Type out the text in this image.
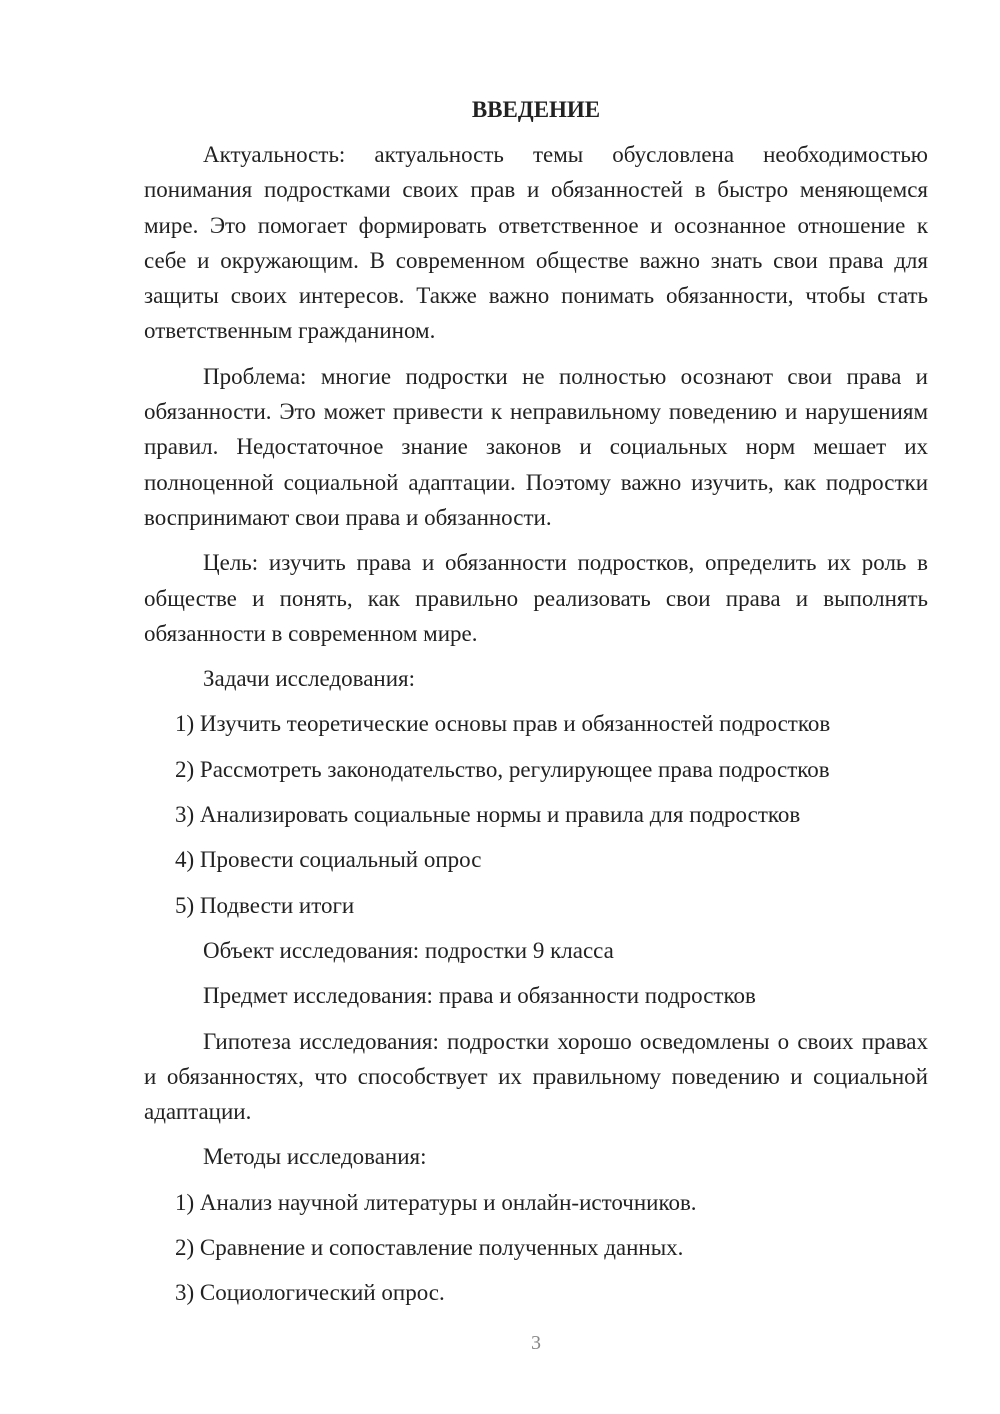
ВВЕДЕНИЕ

Актуальность: актуальность темы обусловлена необходимостью понимания подростками своих прав и обязанностей в быстро меняющемся мире. Это помогает формировать ответственное и осознанное отношение к себе и окружающим. В современном обществе важно знать свои права для защиты своих интересов. Также важно понимать обязанности, чтобы стать ответственным гражданином.

Проблема: многие подростки не полностью осознают свои права и обязанности. Это может привести к неправильному поведению и нарушениям правил. Недостаточное знание законов и социальных норм мешает их полноценной социальной адаптации. Поэтому важно изучить, как подростки воспринимают свои права и обязанности.

Цель: изучить права и обязанности подростков, определить их роль в обществе и понять, как правильно реализовать свои права и выполнять обязанности в современном мире.

Задачи исследования:

1) Изучить теоретические основы прав и обязанностей подростков
2) Рассмотреть законодательство, регулирующее права подростков
3) Анализировать социальные нормы и правила для подростков
4) Провести социальный опрос
5) Подвести итоги

Объект исследования: подростки 9 класса

Предмет исследования: права и обязанности подростков

Гипотеза исследования: подростки хорошо осведомлены о своих правах и обязанностях, что способствует их правильному поведению и социальной адаптации.

Методы исследования:

1) Анализ научной литературы и онлайн-источников.
2) Сравнение и сопоставление полученных данных.
3) Социологический опрос.
3
